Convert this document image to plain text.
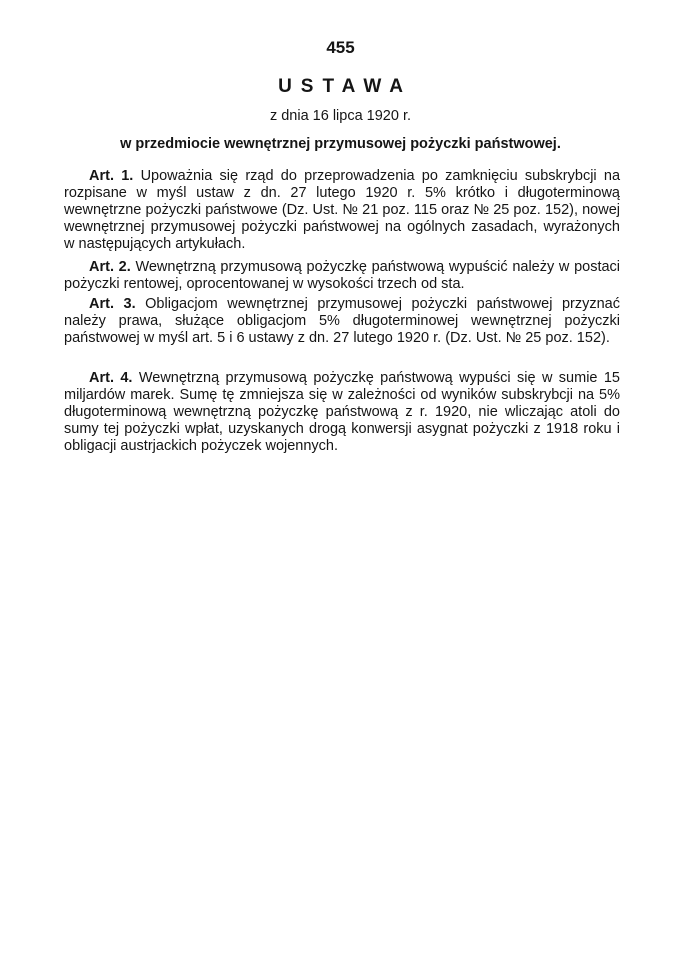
455
USTAWA
z dnia 16 lipca 1920 r.
w przedmiocie wewnętrznej przymusowej pożyczki państwowej.

Art. 1. Upoważnia się rząd do przeprowadzenia po zamknięciu subskrybcji na rozpisane w myśl ustaw z dn. 27 lutego 1920 r. 5% krótko i długoterminową wewnętrzne pożyczki państwowe (Dz. Ust. № 21 poz. 115 oraz № 25 poz. 152), nowej wewnętrznej przymusowej pożyczki państwowej na ogólnych zasadach, wyrażonych w następujących artykułach.

Art. 2. Wewnętrzną przymusową pożyczkę państwową wypuścić należy w postaci pożyczki rentowej, oprocentowanej w wysokości trzech od sta.

Art. 3. Obligacjom wewnętrznej przymusowej pożyczki państwowej przyznać należy prawa, służące obligacjom 5% długoterminowej wewnętrznej pożyczki państwowej w myśl art. 5 i 6 ustawy z dn. 27 lutego 1920 r. (Dz. Ust. № 25 poz. 152).

Art. 4. Wewnętrzną przymusową pożyczkę państwową wypuści się w sumie 15 miljardów marek. Sumę tę zmniejsza się w zależności od wyników subskrybcji na 5% długoterminową wewnętrzną pożyczkę państwową z r. 1920, nie wliczając atoli do sumy tej pożyczki wpłat, uzyskanych drogą konwersji asygnat pożyczki z 1918 roku i obligacji austrjackich pożyczek wojennych.
